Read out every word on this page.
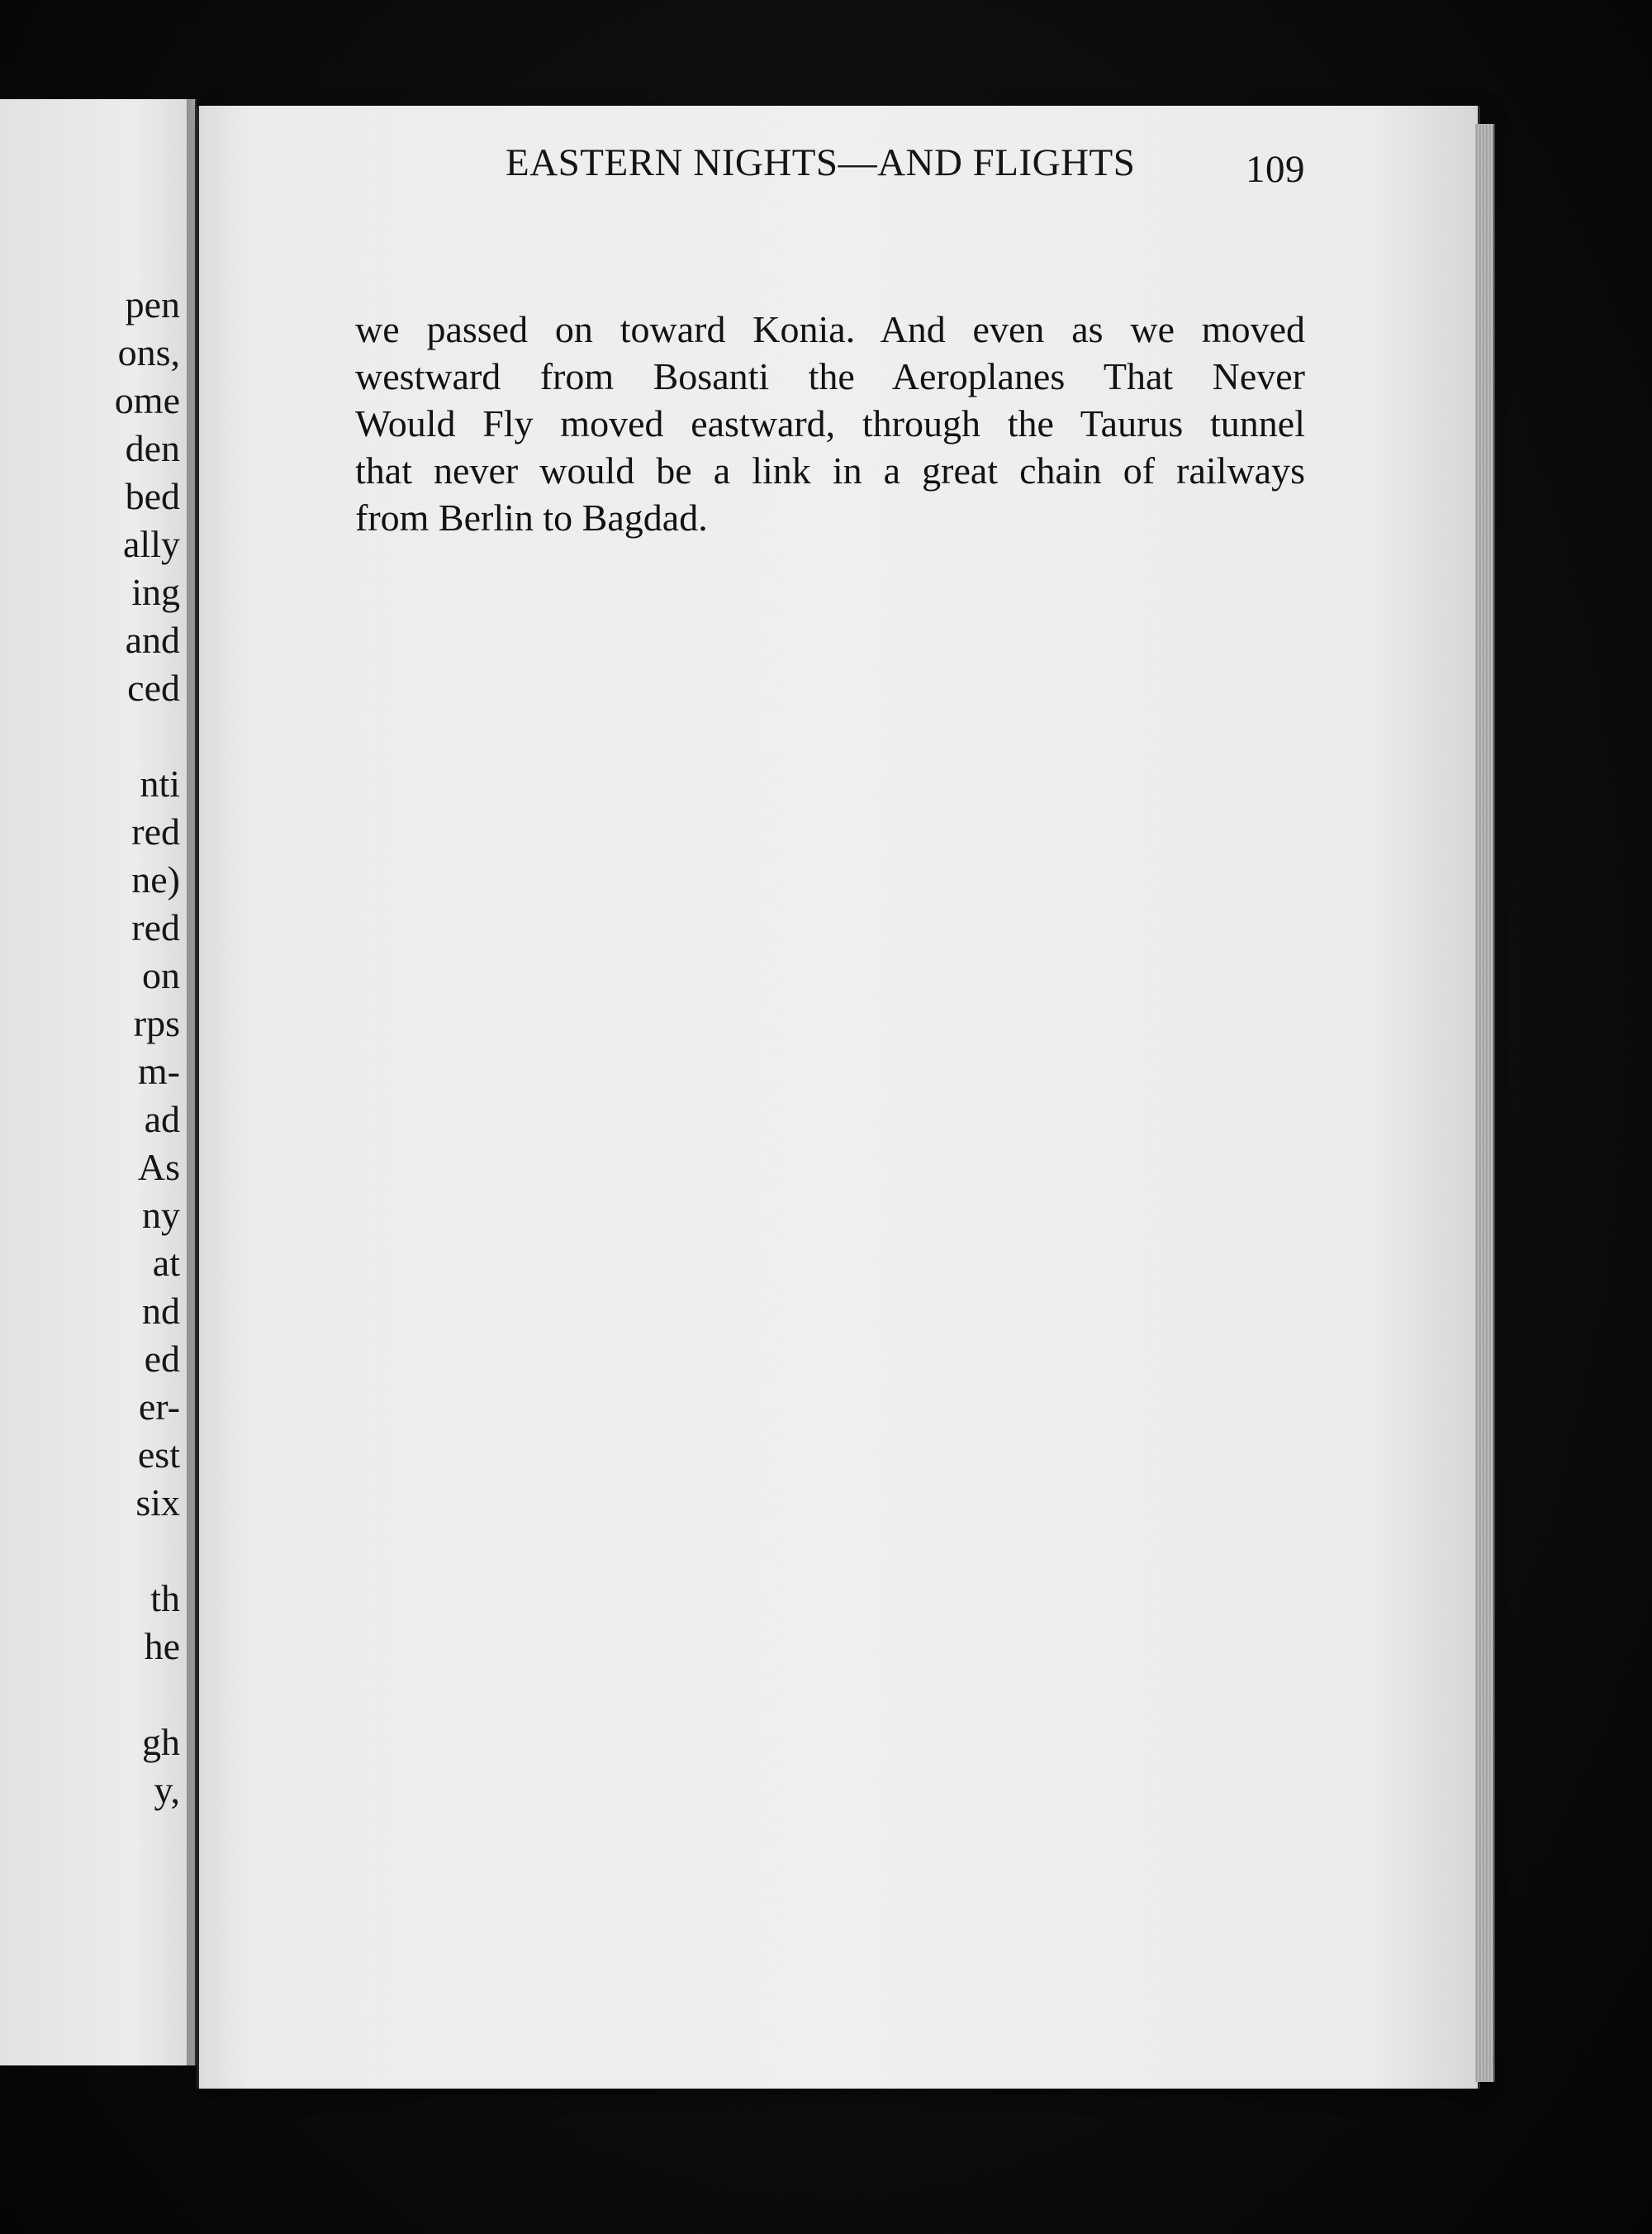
pen
ons,
ome
den
bed
ally
ing
and
ced
nti
red
ne)
red
on
rps
m-
ad
As
ny
at
nd
ed
er-
est
six
th
he
gh
y,
EASTERN NIGHTS—AND FLIGHTS	109
we passed on toward Konia. And even as we moved
westward from Bosanti the Aeroplanes That Never
Would Fly moved eastward, through the Taurus tunnel
that never would be a link in a great chain of railways
from Berlin to Bagdad.
